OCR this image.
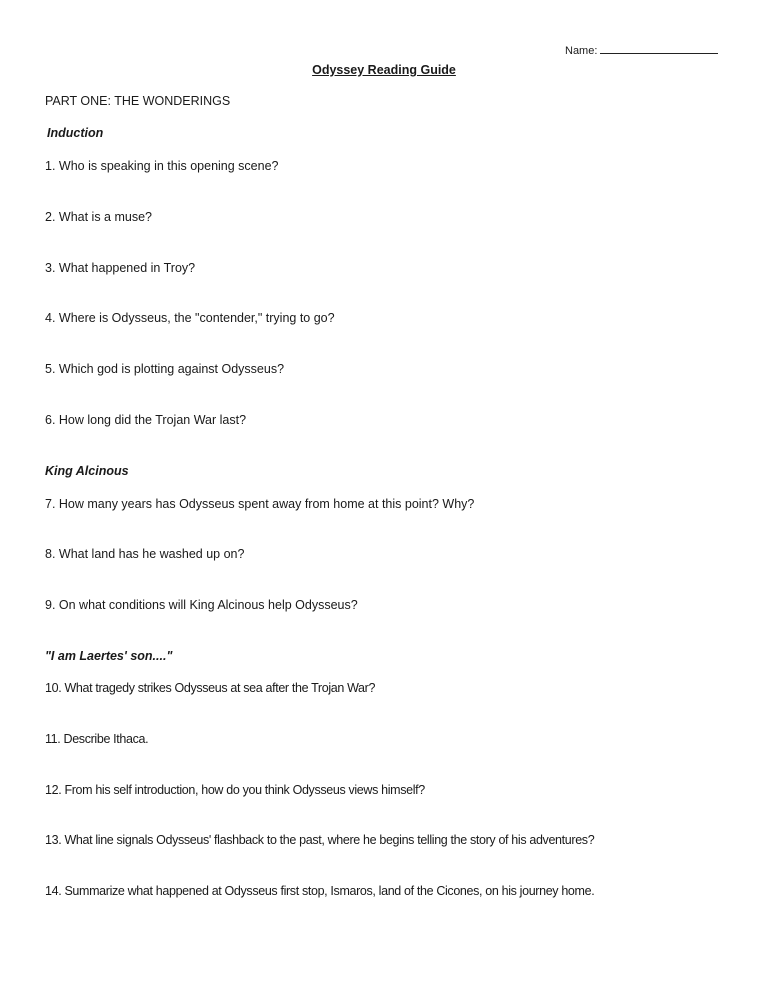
Name:
Odyssey Reading Guide
PART ONE: THE WONDERINGS
Induction
1. Who is speaking in this opening scene?
2. What is a muse?
3. What happened in Troy?
4. Where is Odysseus, the "contender," trying to go?
5. Which god is plotting against Odysseus?
6. How long did the Trojan War last?
King Alcinous
7. How many years has Odysseus spent away from home at this point? Why?
8. What land has he washed up on?
9. On what conditions will King Alcinous help Odysseus?
"I am Laertes' son...."
10. What tragedy strikes Odysseus at sea after the Trojan War?
11. Describe Ithaca.
12. From his self introduction, how do you think Odysseus views himself?
13. What line signals Odysseus' flashback to the past, where he begins telling the story of his adventures?
14. Summarize what happened at Odysseus first stop, Ismaros, land of the Cicones, on his journey home.
